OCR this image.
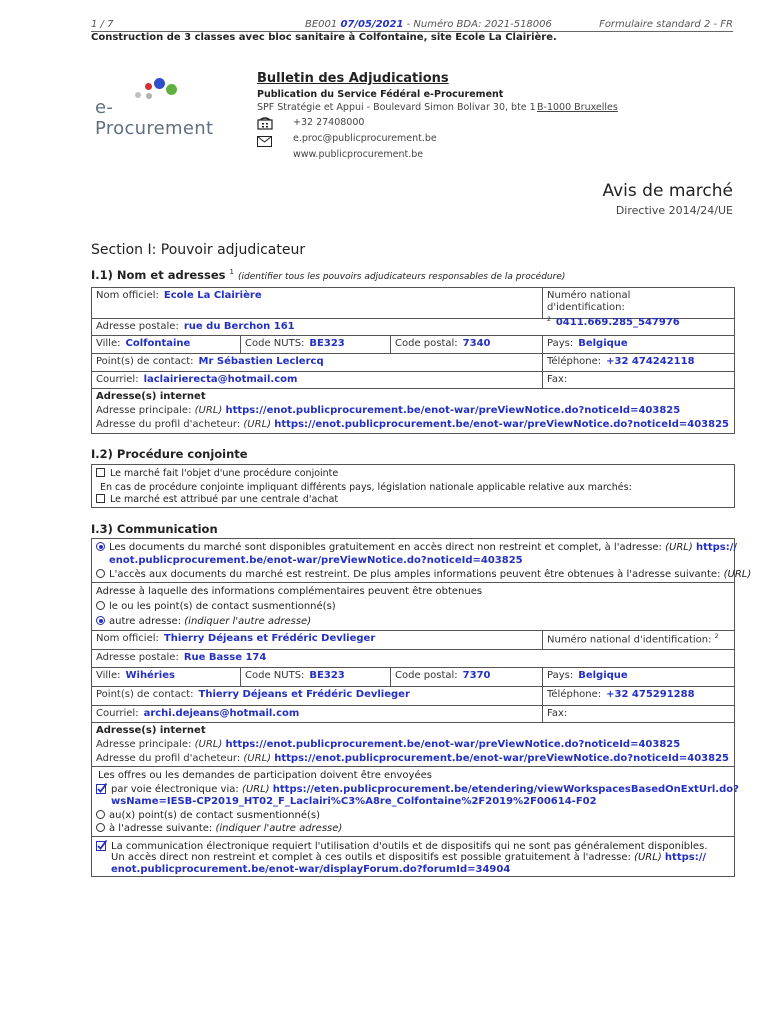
1 / 7	BE001 07/05/2021 - Numéro BDA: 2021-518006	Formulaire standard 2 - FR
Construction de 3 classes avec bloc sanitaire à Colfontaine, site Ecole La Clairière.
e-Procurement
Bulletin des Adjudications
Publication du Service Fédéral e-Procurement
SPF Stratégie et Appui - Boulevard Simon Bolivar 30, bte 1 B-1000 Bruxelles
+32 27408000
e.proc@publicprocurement.be
www.publicprocurement.be
Avis de marché
Directive 2014/24/UE
Section I: Pouvoir adjudicateur
I.1) Nom et adresses $^1$ (identifier tous les pouvoirs adjudicateurs responsables de la procédure)
Nom officiel: Ecole La Clairière	Numéro national
d'identification: $^2$ 0411.669.285_547976
Adresse postale: rue du Berchon 161
Ville: Colfontaine	Code NUTS: BE323	Code postal: 7340	Pays: Belgique
Point(s) de contact: Mr Sébastien Leclercq	Téléphone: +32 474242118
Courriel: laclairierecta@hotmail.com	Fax:
Adresse(s) internet
Adresse principale: (URL) https://enot.publicprocurement.be/enot-war/preViewNotice.do?noticeId=403825
Adresse du profil d'acheteur: (URL) https://enot.publicprocurement.be/enot-war/preViewNotice.do?noticeId=403825
I.2) Procédure conjointe
Le marché fait l'objet d'une procédure conjointe
En cas de procédure conjointe impliquant différents pays, législation nationale applicable relative aux marchés:
Le marché est attribué par une centrale d'achat
I.3) Communication
Les documents du marché sont disponibles gratuitement en accès direct non restreint et complet, à l'adresse: (URL) https://
enot.publicprocurement.be/enot-war/preViewNotice.do?noticeId=403825
L'accès aux documents du marché est restreint. De plus amples informations peuvent être obtenues à l'adresse suivante: (URL)
Adresse à laquelle des informations complémentaires peuvent être obtenues
le ou les point(s) de contact susmentionné(s)
autre adresse: (indiquer l'autre adresse)
Nom officiel: Thierry Déjeans et Frédéric Devlieger	Numéro national d'identification: $^2$
Adresse postale: Rue Basse 174
Ville: Wihéries	Code NUTS: BE323	Code postal: 7370	Pays: Belgique
Point(s) de contact: Thierry Déjeans et Frédéric Devlieger	Téléphone: +32 475291288
Courriel: archi.dejeans@hotmail.com	Fax:
Adresse(s) internet
Adresse principale: (URL) https://enot.publicprocurement.be/enot-war/preViewNotice.do?noticeId=403825
Adresse du profil d'acheteur: (URL) https://enot.publicprocurement.be/enot-war/preViewNotice.do?noticeId=403825
Les offres ou les demandes de participation doivent être envoyées
par voie électronique via: (URL) https://eten.publicprocurement.be/etendering/viewWorkspacesBasedOnExtUrl.do?
wsName=IESB-CP2019_HT02_F_Laclairi%C3%A8re_Colfontaine%2F2019%2F00614-F02
au(x) point(s) de contact susmentionné(s)
à l'adresse suivante: (indiquer l'autre adresse)
La communication électronique requiert l'utilisation d'outils et de dispositifs qui ne sont pas généralement disponibles.
Un accès direct non restreint et complet à ces outils et dispositifs est possible gratuitement à l'adresse: (URL) https://
enot.publicprocurement.be/enot-war/displayForum.do?forumId=34904
